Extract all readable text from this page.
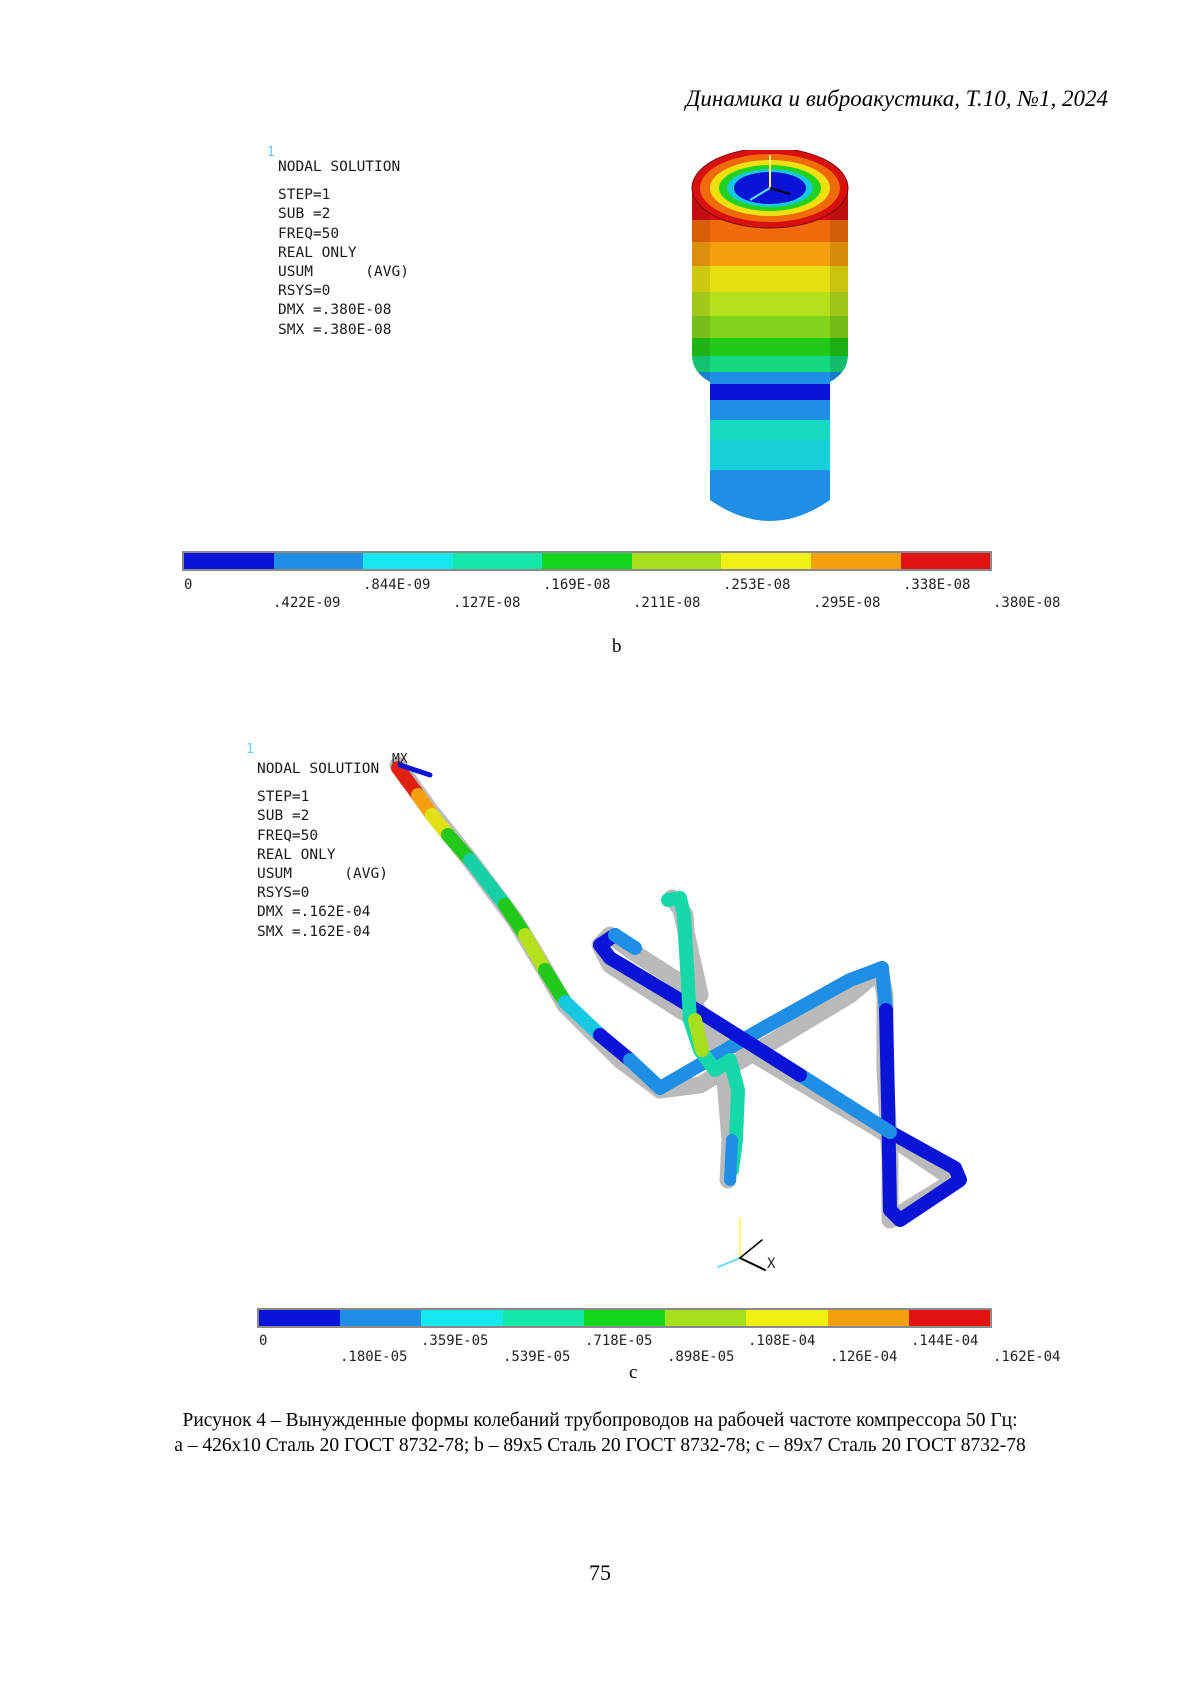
Динамика и виброакустика, Т.10, №1, 2024
1
NODAL SOLUTION
STEP=1
SUB =2
FREQ=50
REAL ONLY
USUM      (AVG)
RSYS=0
DMX =.380E-08
SMX =.380E-08
0	.844E-09	.169E-08	.253E-08	.338E-08
.422E-09	.127E-08	.211E-08	.295E-08	.380E-08
b
1
NODAL SOLUTION
STEP=1
SUB =2
FREQ=50
REAL ONLY
USUM      (AVG)
RSYS=0
DMX =.162E-04
SMX =.162E-04
MX
X
0	.359E-05	.718E-05	.108E-04	.144E-04
.180E-05	.539E-05	.898E-05	.126E-04	.162E-04
c
Рисунок 4 – Вынужденные формы колебаний трубопроводов на рабочей частоте компрессора 50 Гц:
a – 426x10 Сталь 20 ГОСТ 8732-78; b – 89x5 Сталь 20 ГОСТ 8732-78; c – 89x7 Сталь 20 ГОСТ 8732-78
75
